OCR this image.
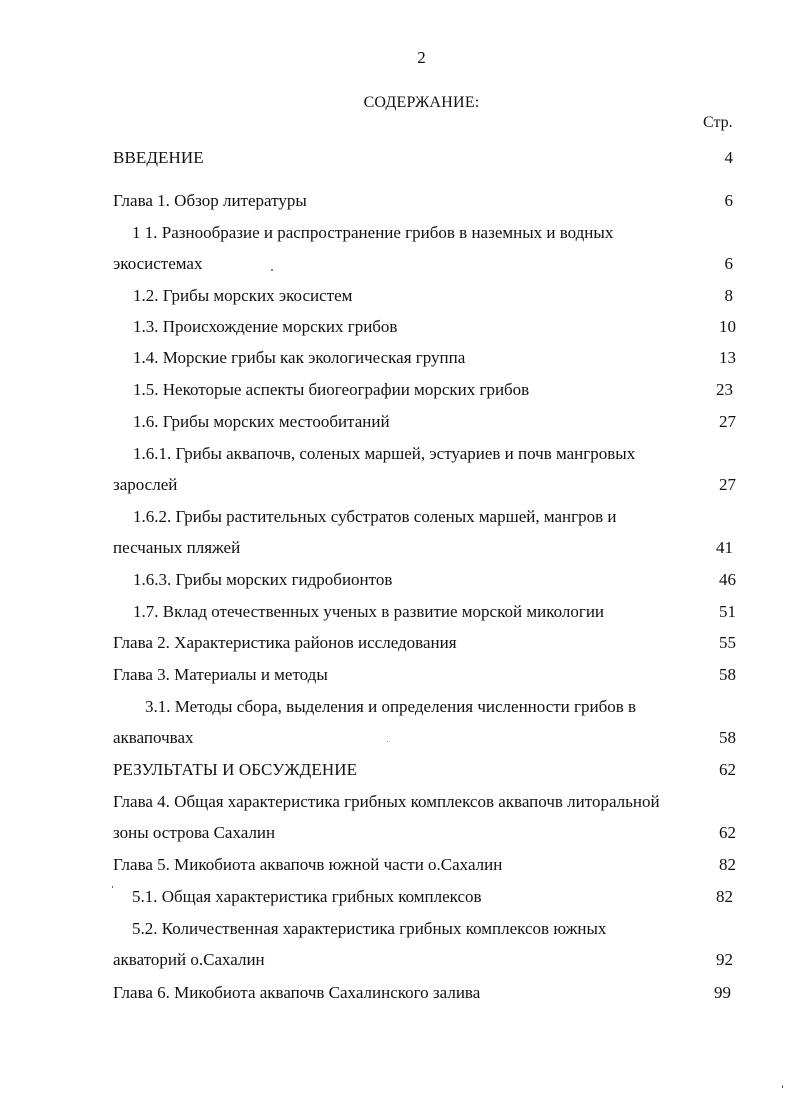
2
СОДЕРЖАНИЕ:
Стр.
ВВЕДЕНИЕ	4
Глава 1. Обзор литературы	6
1 1. Разнообразие и распространение грибов в наземных и водных
экосистемах	6
1.2. Грибы морских экосистем	8
1.3. Происхождение морских грибов	10
1.4. Морские грибы как экологическая группа	13
1.5. Некоторые аспекты биогеографии морских грибов	23
1.6. Грибы морских местообитаний	27
1.6.1. Грибы аквапочв, соленых маршей, эстуариев и почв мангровых
зарослей	27
1.6.2. Грибы растительных субстратов соленых маршей, мангров и
песчаных пляжей	41
1.6.3. Грибы морских гидробионтов	46
1.7. Вклад отечественных ученых в развитие морской микологии	51
Глава 2. Характеристика районов исследования	55
Глава 3. Материалы и методы	58
3.1. Методы сбора, выделения и определения численности грибов в
аквапочвах	58
РЕЗУЛЬТАТЫ И ОБСУЖДЕНИЕ	62
Глава 4. Общая характеристика грибных комплексов аквапочв литоральной
зоны острова Сахалин	62
Глава 5. Микобиота аквапочв южной части о.Сахалин	82
5.1. Общая характеристика грибных комплексов	82
5.2. Количественная характеристика грибных комплексов южных
акваторий о.Сахалин	92
Глава 6. Микобиота аквапочв Сахалинского залива	99
